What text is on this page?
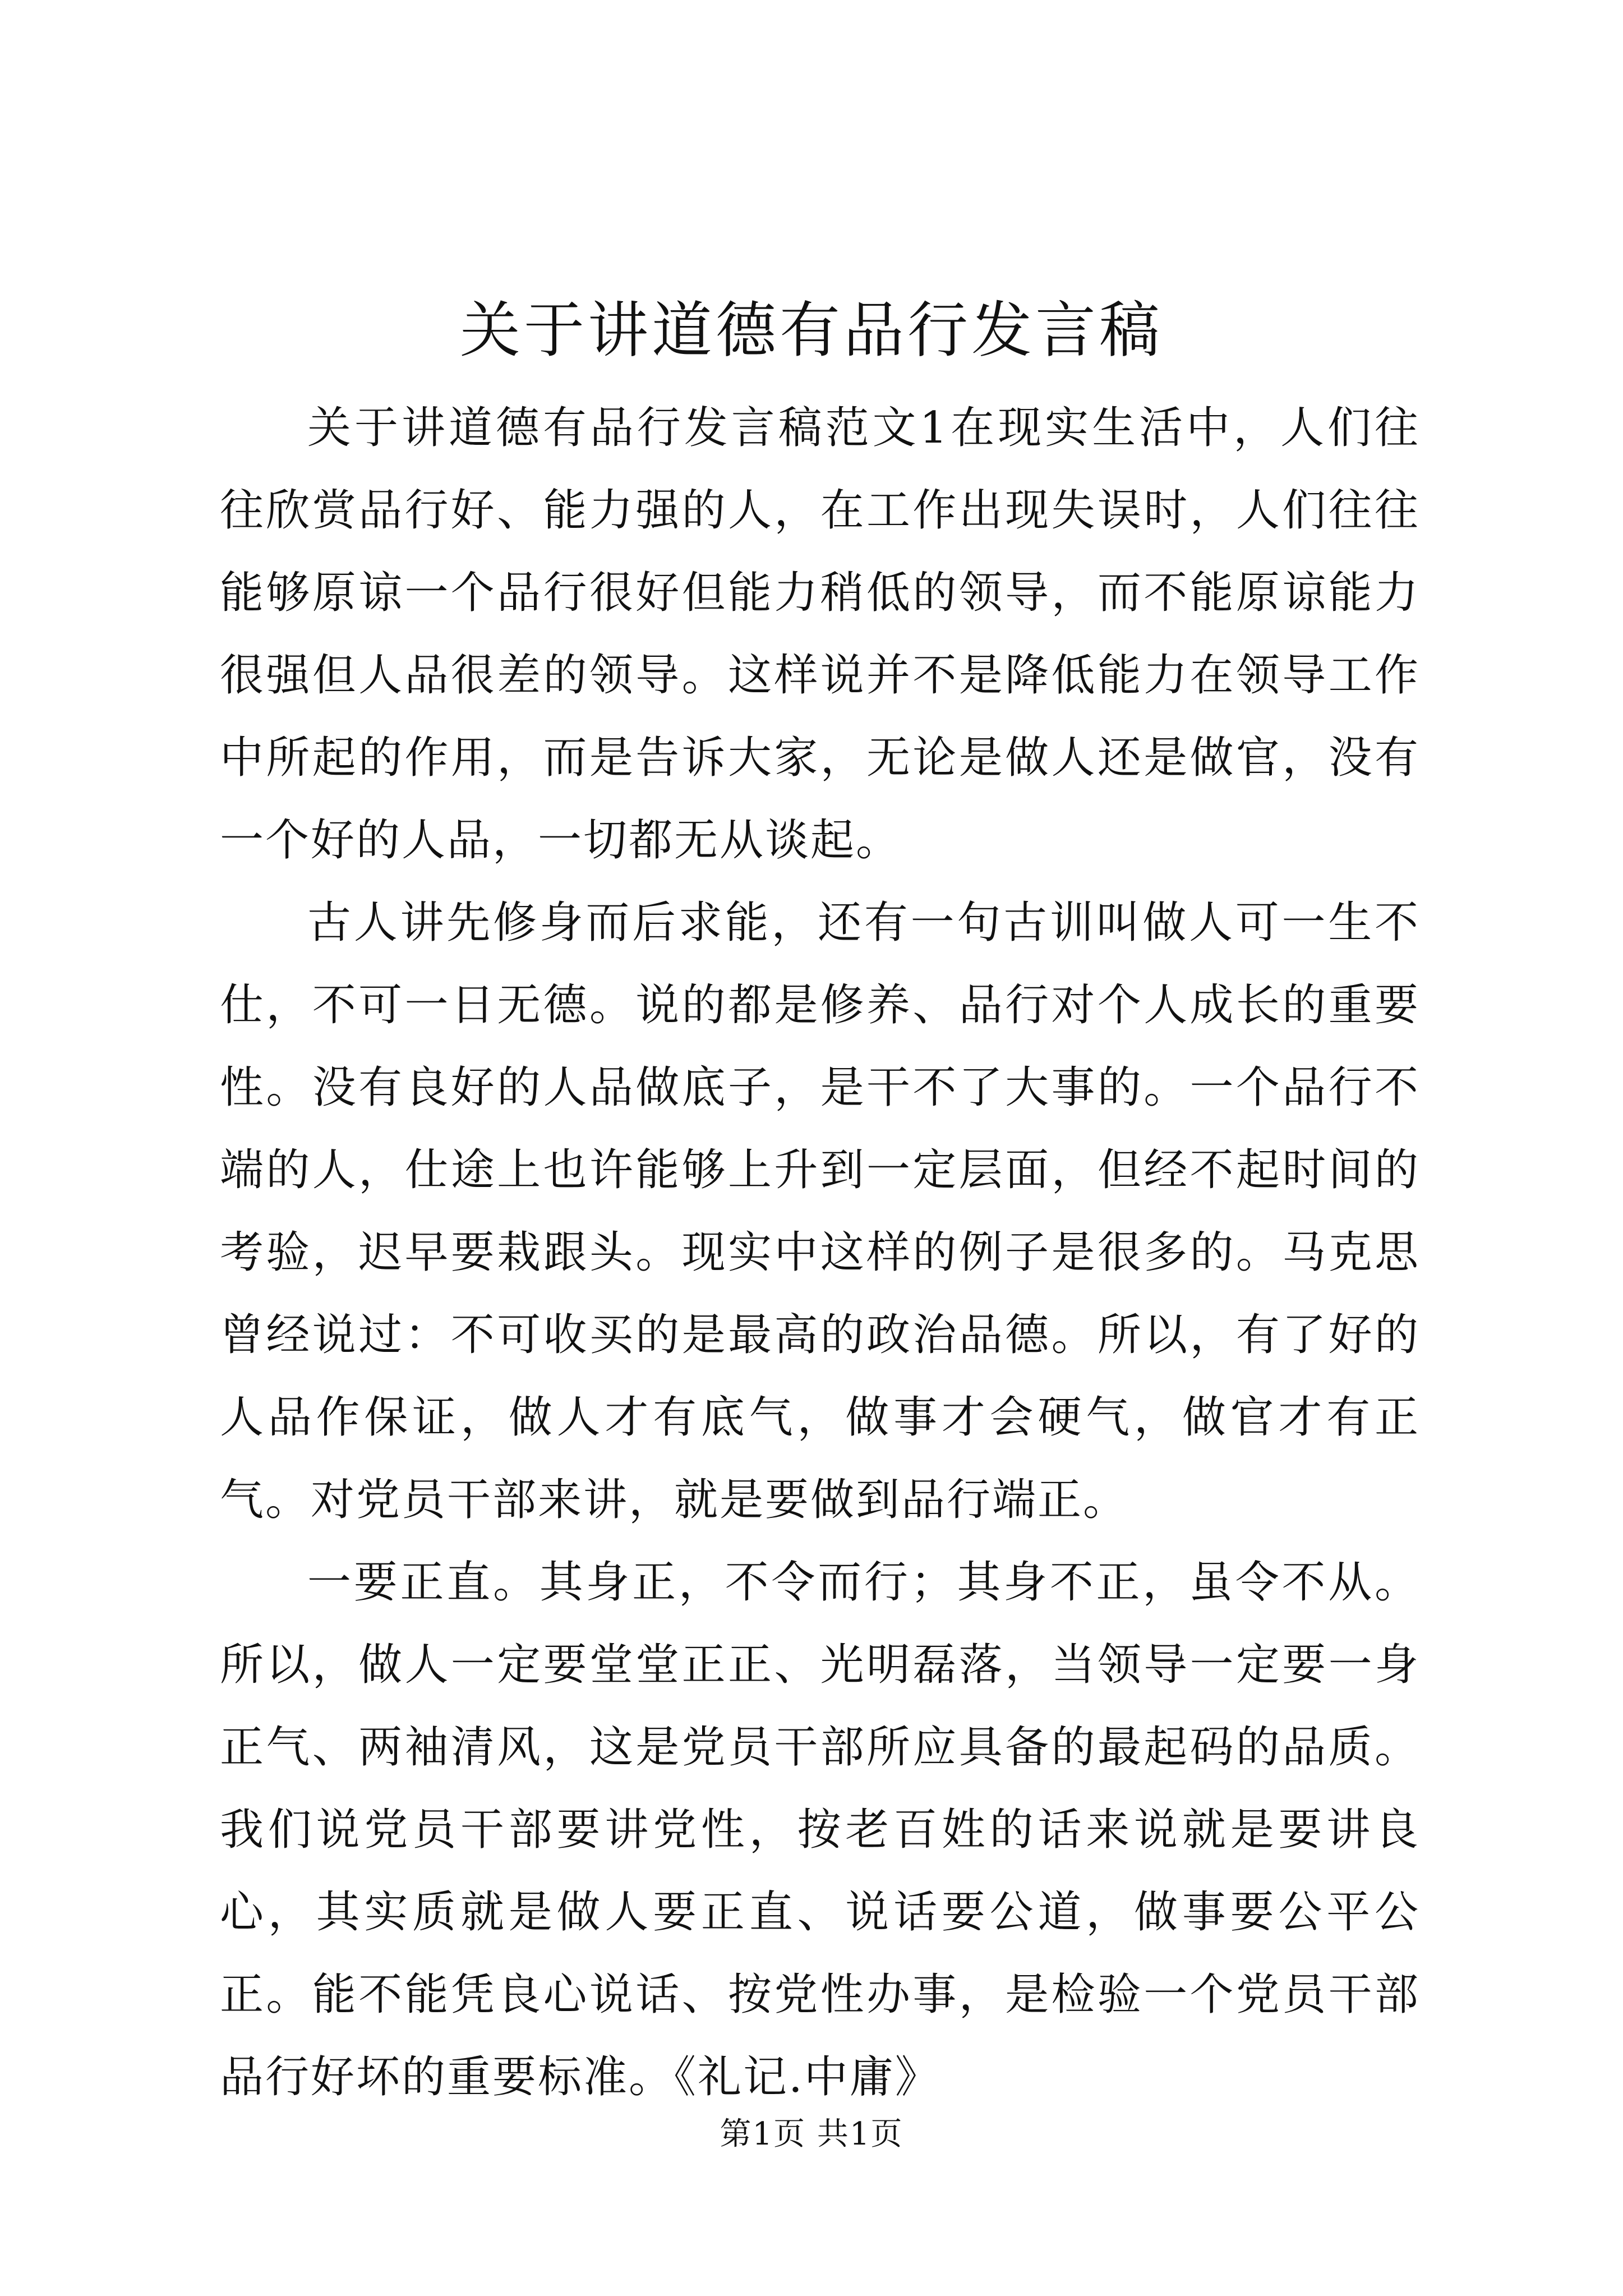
关于讲道德有品行发言稿

关于讲道德有品行发言稿范文1在现实生活中，人们往往欣赏品行好、能力强的人，在工作出现失误时，人们往往能够原谅一个品行很好但能力稍低的领导，而不能原谅能力很强但人品很差的领导。这样说并不是降低能力在领导工作中所起的作用，而是告诉大家，无论是做人还是做官，没有一个好的人品，一切都无从谈起。

古人讲先修身而后求能，还有一句古训叫做人可一生不仕，不可一日无德。说的都是修养、品行对个人成长的重要性。没有良好的人品做底子，是干不了大事的。一个品行不端的人，仕途上也许能够上升到一定层面，但经不起时间的考验，迟早要栽跟头。现实中这样的例子是很多的。马克思曾经说过：不可收买的是最高的政治品德。所以，有了好的人品作保证，做人才有底气，做事才会硬气，做官才有正气。对党员干部来讲，就是要做到品行端正。

一要正直。其身正，不令而行；其身不正，虽令不从。所以，做人一定要堂堂正正、光明磊落，当领导一定要一身正气、两袖清风，这是党员干部所应具备的最起码的品质。我们说党员干部要讲党性，按老百姓的话来说就是要讲良心，其实质就是做人要正直、说话要公道，做事要公平公正。能不能凭良心说话、按党性办事，是检验一个党员干部品行好坏的重要标准。《礼记.中庸》

第1页 共1页
